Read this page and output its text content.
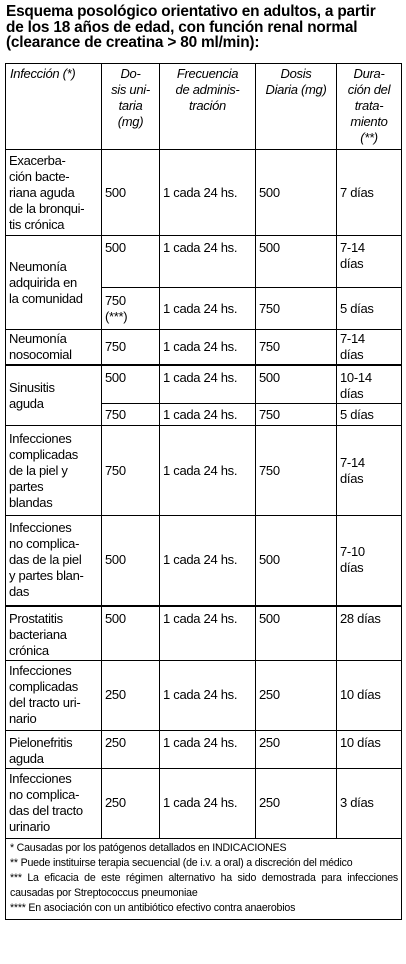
Esquema posológico orientativo en adultos, a partir
de los 18 años de edad, con función renal normal
(clearance de creatina > 80 ml/min):
Infección (*)	Do-
sis uni-
taria
(mg)	Frecuencia
de adminis-
tración	Dosis
Diaria (mg)	Dura-
ción del
trata-
miento
(**)
Exacerba-
ción bacte-
riana aguda
de la bronqui-
tis crónica	500	1 cada 24 hs.	500	7 días
Neumonía
adquirida en
la comunidad	500	1 cada 24 hs.	500	7-14
días
	750
(***)	1 cada 24 hs.	750	5 días
Neumonía
nosocomial	750	1 cada 24 hs.	750	7-14
días
Sinusitis
aguda	500	1 cada 24 hs.	500	10-14
días
	750	1 cada 24 hs.	750	5 días
Infecciones
complicadas
de la piel y
partes
blandas	750	1 cada 24 hs.	750	7-14
días
Infecciones
no complica-
das de la piel
y partes blan-
das	500	1 cada 24 hs.	500	7-10
días
Prostatitis
bacteriana
crónica	500	1 cada 24 hs.	500	28 días
Infecciones
complicadas
del tracto uri-
nario	250	1 cada 24 hs.	250	10 días
Pielonefritis
aguda	250	1 cada 24 hs.	250	10 días
Infecciones
no complica-
das del tracto
urinario	250	1 cada 24 hs.	250	3 días

* Causadas por los patógenos detallados en INDICACIONES
** Puede instituirse terapia secuencial (de i.v. a oral) a discreción del médico
*** La eficacia de este régimen alternativo ha sido demostrada para infecciones causadas por Streptococcus pneumoniae
**** En asociación con un antibiótico efectivo contra anaerobios				
